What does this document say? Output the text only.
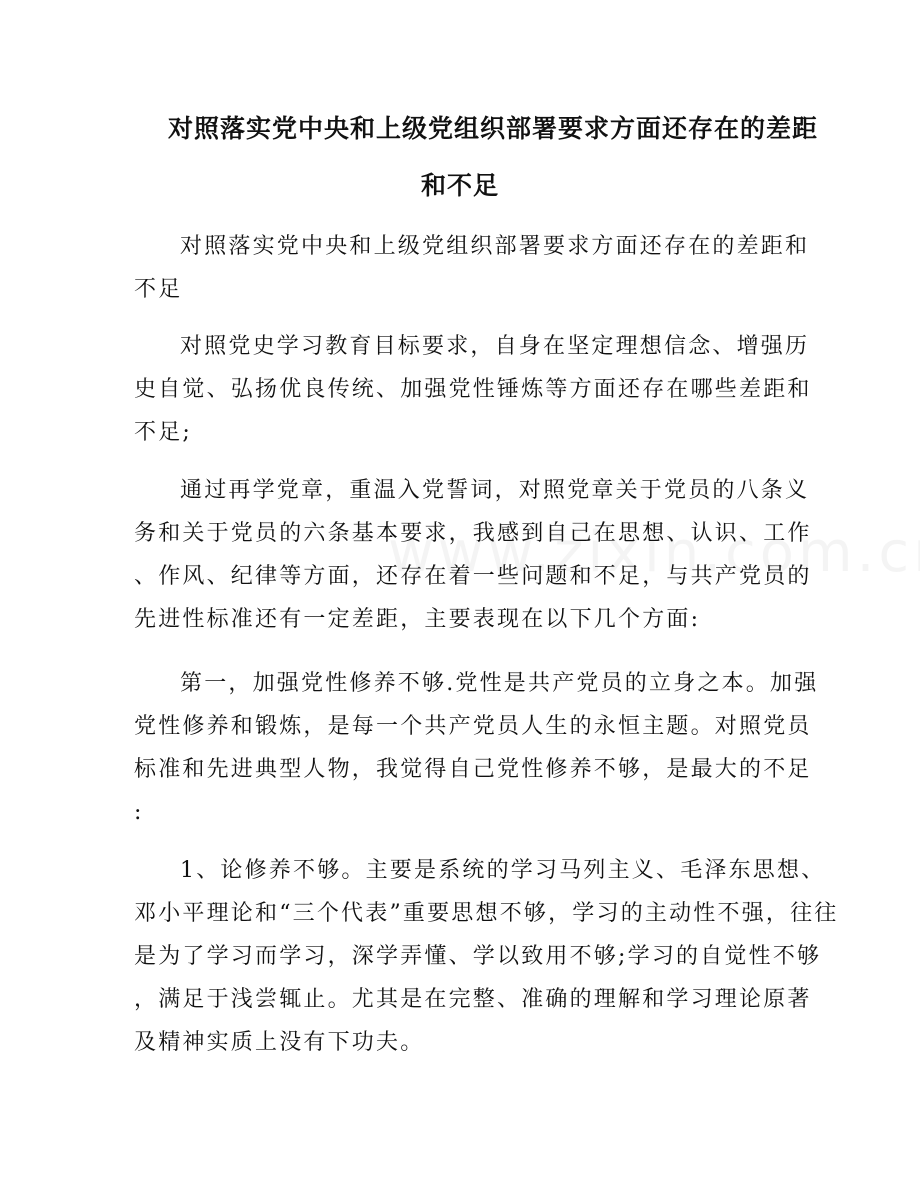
对照落实党中央和上级党组织部署要求方面还存在的差距
和不足
对照落实党中央和上级党组织部署要求方面还存在的差距和
不足
对照党史学习教育目标要求，自身在坚定理想信念、增强历
史自觉、弘扬优良传统、加强党性锤炼等方面还存在哪些差距和
不足;
通过再学党章，重温入党誓词，对照党章关于党员的八条义
务和关于党员的六条基本要求，我感到自己在思想、认识、工作
、作风、纪律等方面，还存在着一些问题和不足，与共产党员的
先进性标准还有一定差距，主要表现在以下几个方面:
第一，加强党性修养不够.党性是共产党员的立身之本。加强
党性修养和锻炼，是每一个共产党员人生的永恒主题。对照党员
标准和先进典型人物，我觉得自己党性修养不够，是最大的不足
:
1、论修养不够。主要是系统的学习马列主义、毛泽东思想、
邓小平理论和“三个代表”重要思想不够，学习的主动性不强，往往
是为了学习而学习，深学弄懂、学以致用不够;学习的自觉性不够
，满足于浅尝辄止。尤其是在完整、准确的理解和学习理论原著
及精神实质上没有下功夫。
